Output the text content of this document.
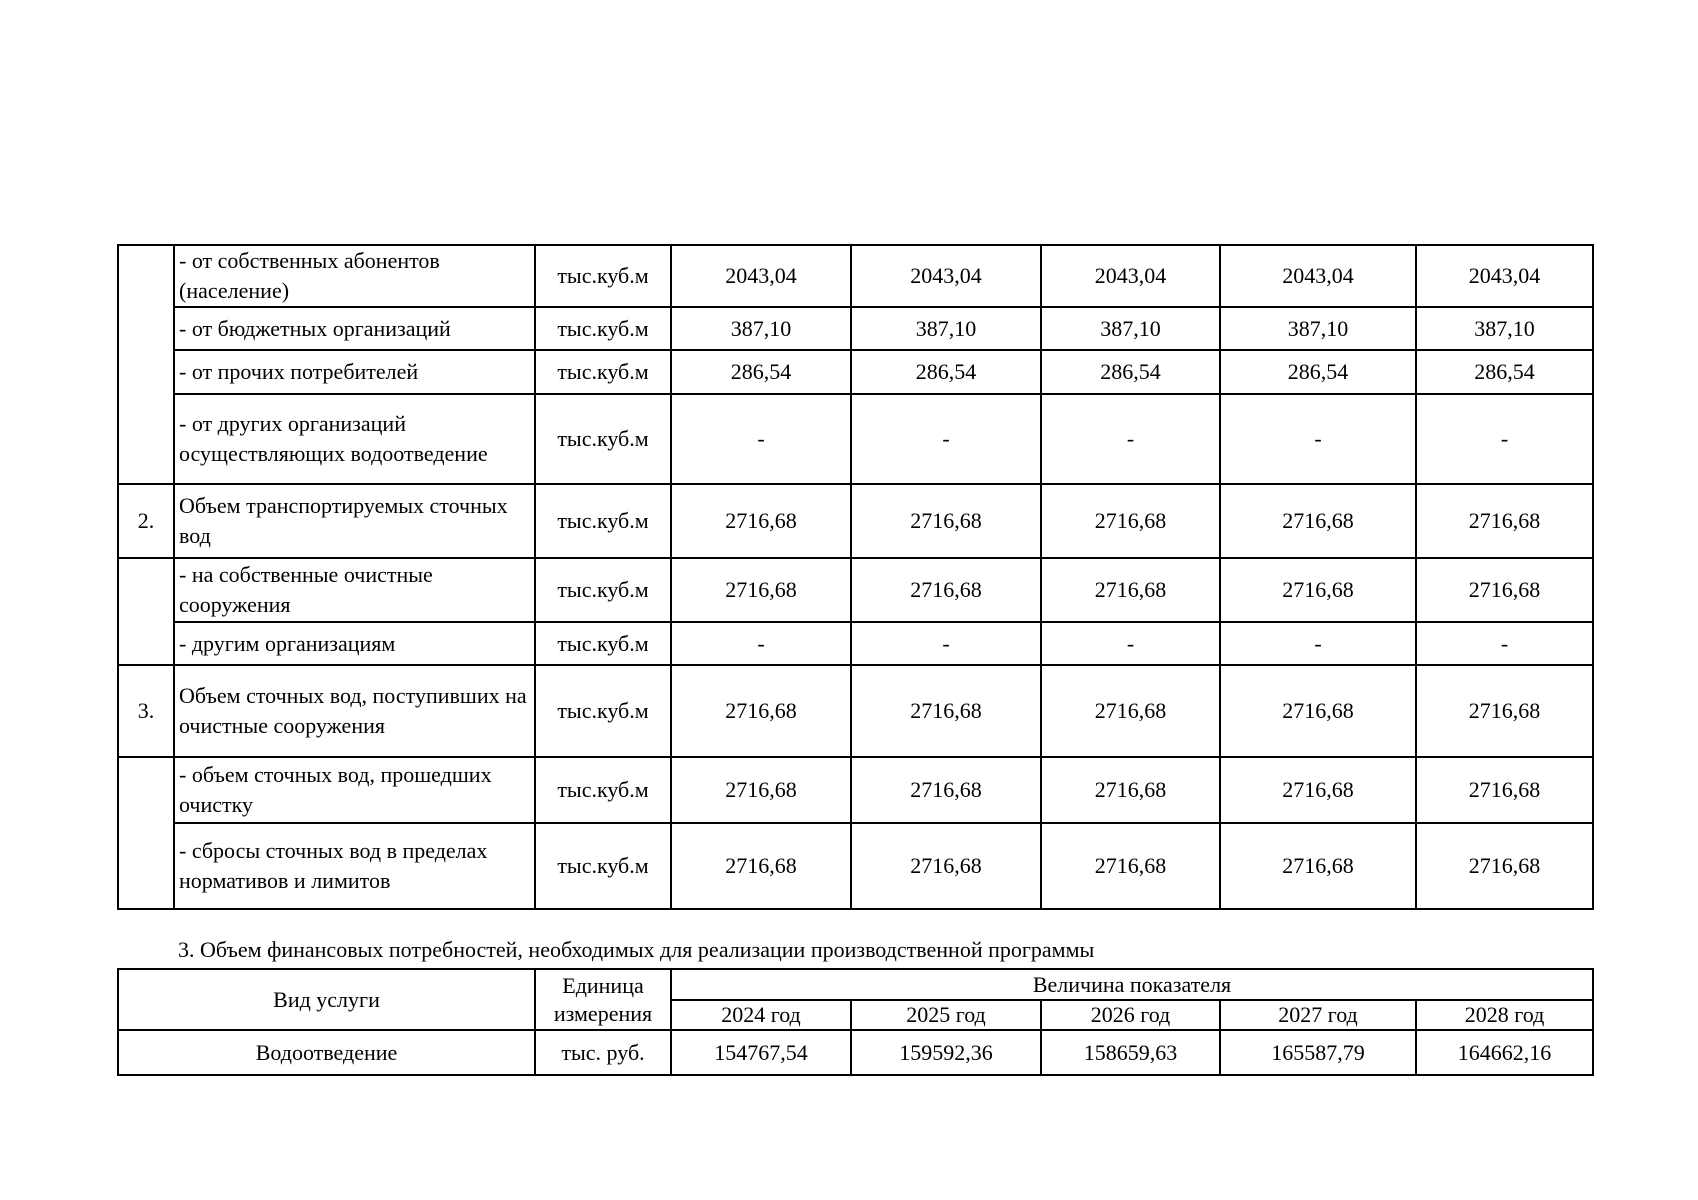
	- от собственных абонентов (население)	тыс.куб.м	2043,04	2043,04	2043,04	2043,04	2043,04
	- от бюджетных организаций	тыс.куб.м	387,10	387,10	387,10	387,10	387,10
	- от прочих потребителей	тыс.куб.м	286,54	286,54	286,54	286,54	286,54
	- от других организаций осуществляющих водоотведение	тыс.куб.м	-	-	-	-	-
2.	Объем транспортируемых сточных вод	тыс.куб.м	2716,68	2716,68	2716,68	2716,68	2716,68
	- на собственные очистные сооружения	тыс.куб.м	2716,68	2716,68	2716,68	2716,68	2716,68
	- другим организациям	тыс.куб.м	-	-	-	-	-
3.	Объем сточных вод, поступивших на очистные сооружения	тыс.куб.м	2716,68	2716,68	2716,68	2716,68	2716,68
	- объем сточных вод, прошедших очистку	тыс.куб.м	2716,68	2716,68	2716,68	2716,68	2716,68
	- сбросы сточных вод в пределах нормативов и лимитов	тыс.куб.м	2716,68	2716,68	2716,68	2716,68	2716,68
3. Объем финансовых потребностей, необходимых для реализации производственной программы
Вид услуги	Единица измерения	Величина показателя				
		2024 год	2025 год	2026 год	2027 год	2028 год
Водоотведение	тыс. руб.	154767,54	159592,36	158659,63	165587,79	164662,16
